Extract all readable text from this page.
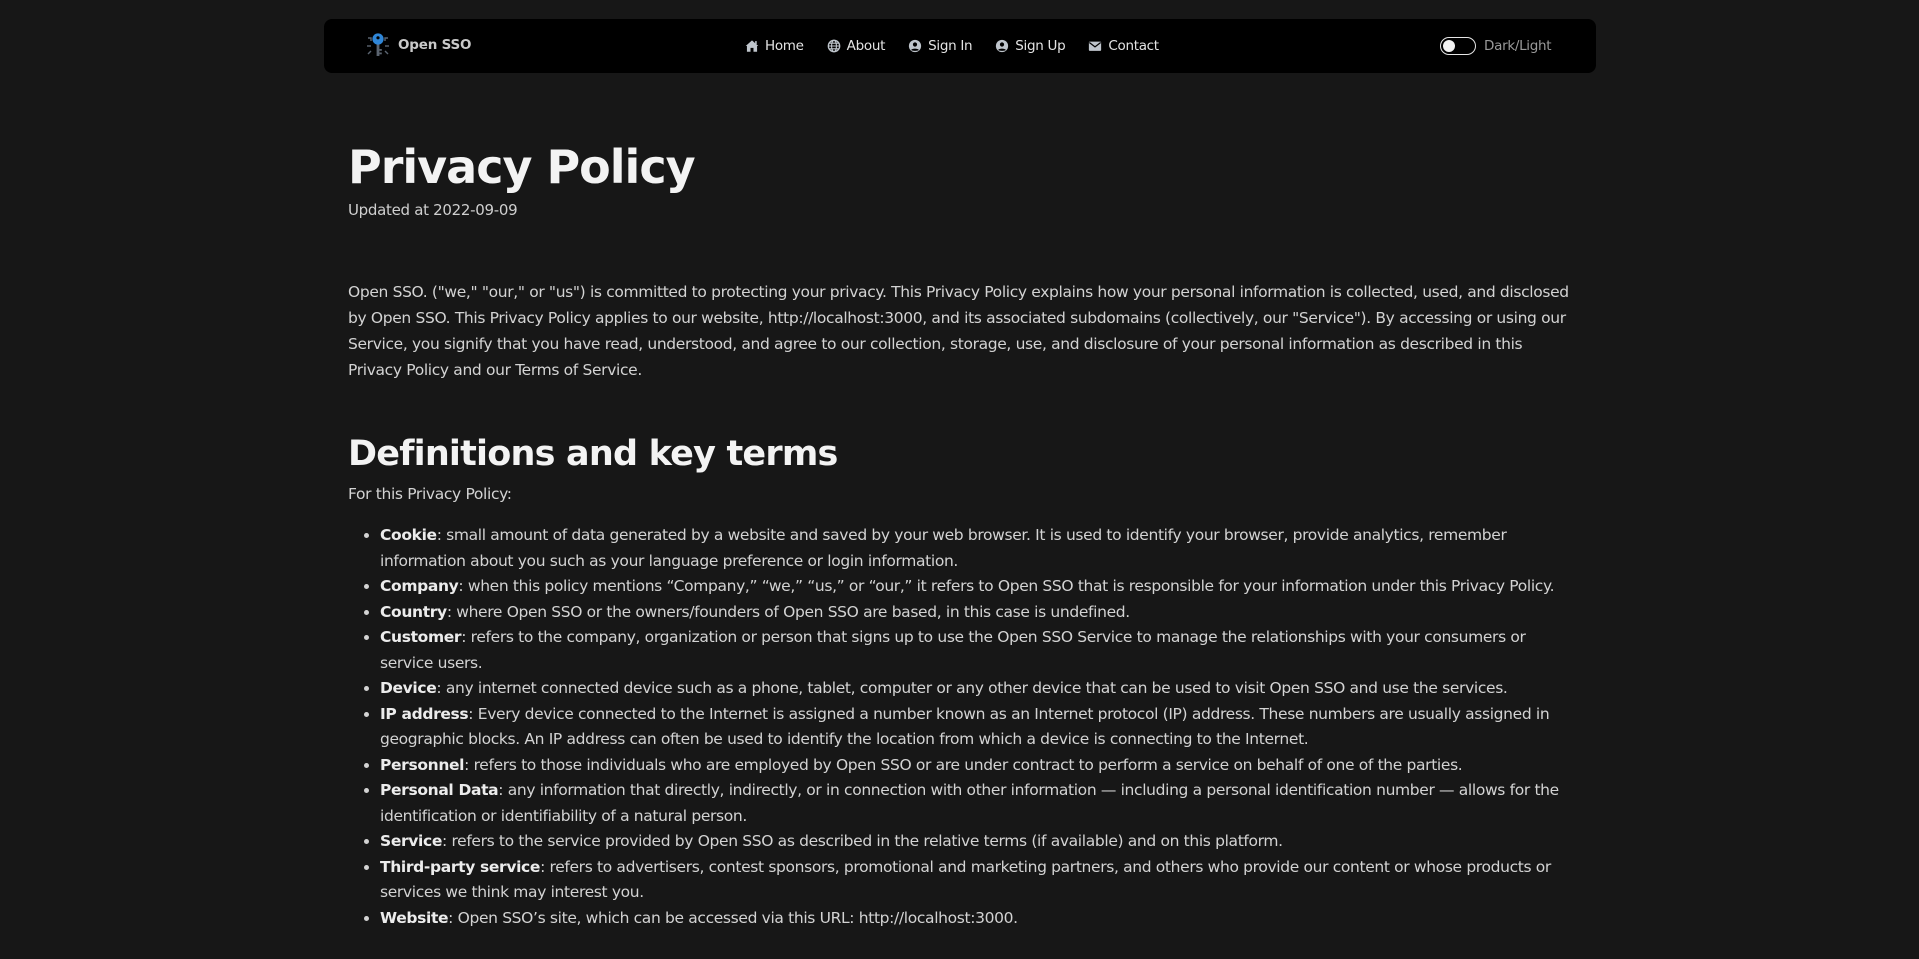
Open SSO	Home	About	Sign In	Sign Up	Contact	Dark/Light
Privacy Policy
Updated at 2022-09-09

Open SSO. ("we," "our," or "us") is committed to protecting your privacy. This Privacy Policy explains how your personal information is collected, used, and disclosed by Open SSO. This Privacy Policy applies to our website, http://localhost:3000, and its associated subdomains (collectively, our "Service"). By accessing or using our Service, you signify that you have read, understood, and agree to our collection, storage, use, and disclosure of your personal information as described in this Privacy Policy and our Terms of Service.

Definitions and key terms
For this Privacy Policy:
• Cookie: small amount of data generated by a website and saved by your web browser. It is used to identify your browser, provide analytics, remember information about you such as your language preference or login information.
• Company: when this policy mentions “Company,” “we,” “us,” or “our,” it refers to Open SSO that is responsible for your information under this Privacy Policy.
• Country: where Open SSO or the owners/founders of Open SSO are based, in this case is undefined.
• Customer: refers to the company, organization or person that signs up to use the Open SSO Service to manage the relationships with your consumers or service users.
• Device: any internet connected device such as a phone, tablet, computer or any other device that can be used to visit Open SSO and use the services.
• IP address: Every device connected to the Internet is assigned a number known as an Internet protocol (IP) address. These numbers are usually assigned in geographic blocks. An IP address can often be used to identify the location from which a device is connecting to the Internet.
• Personnel: refers to those individuals who are employed by Open SSO or are under contract to perform a service on behalf of one of the parties.
• Personal Data: any information that directly, indirectly, or in connection with other information — including a personal identification number — allows for the identification or identifiability of a natural person.
• Service: refers to the service provided by Open SSO as described in the relative terms (if available) and on this platform.
• Third-party service: refers to advertisers, contest sponsors, promotional and marketing partners, and others who provide our content or whose products or services we think may interest you.
• Website: Open SSO’s site, which can be accessed via this URL: http://localhost:3000.
